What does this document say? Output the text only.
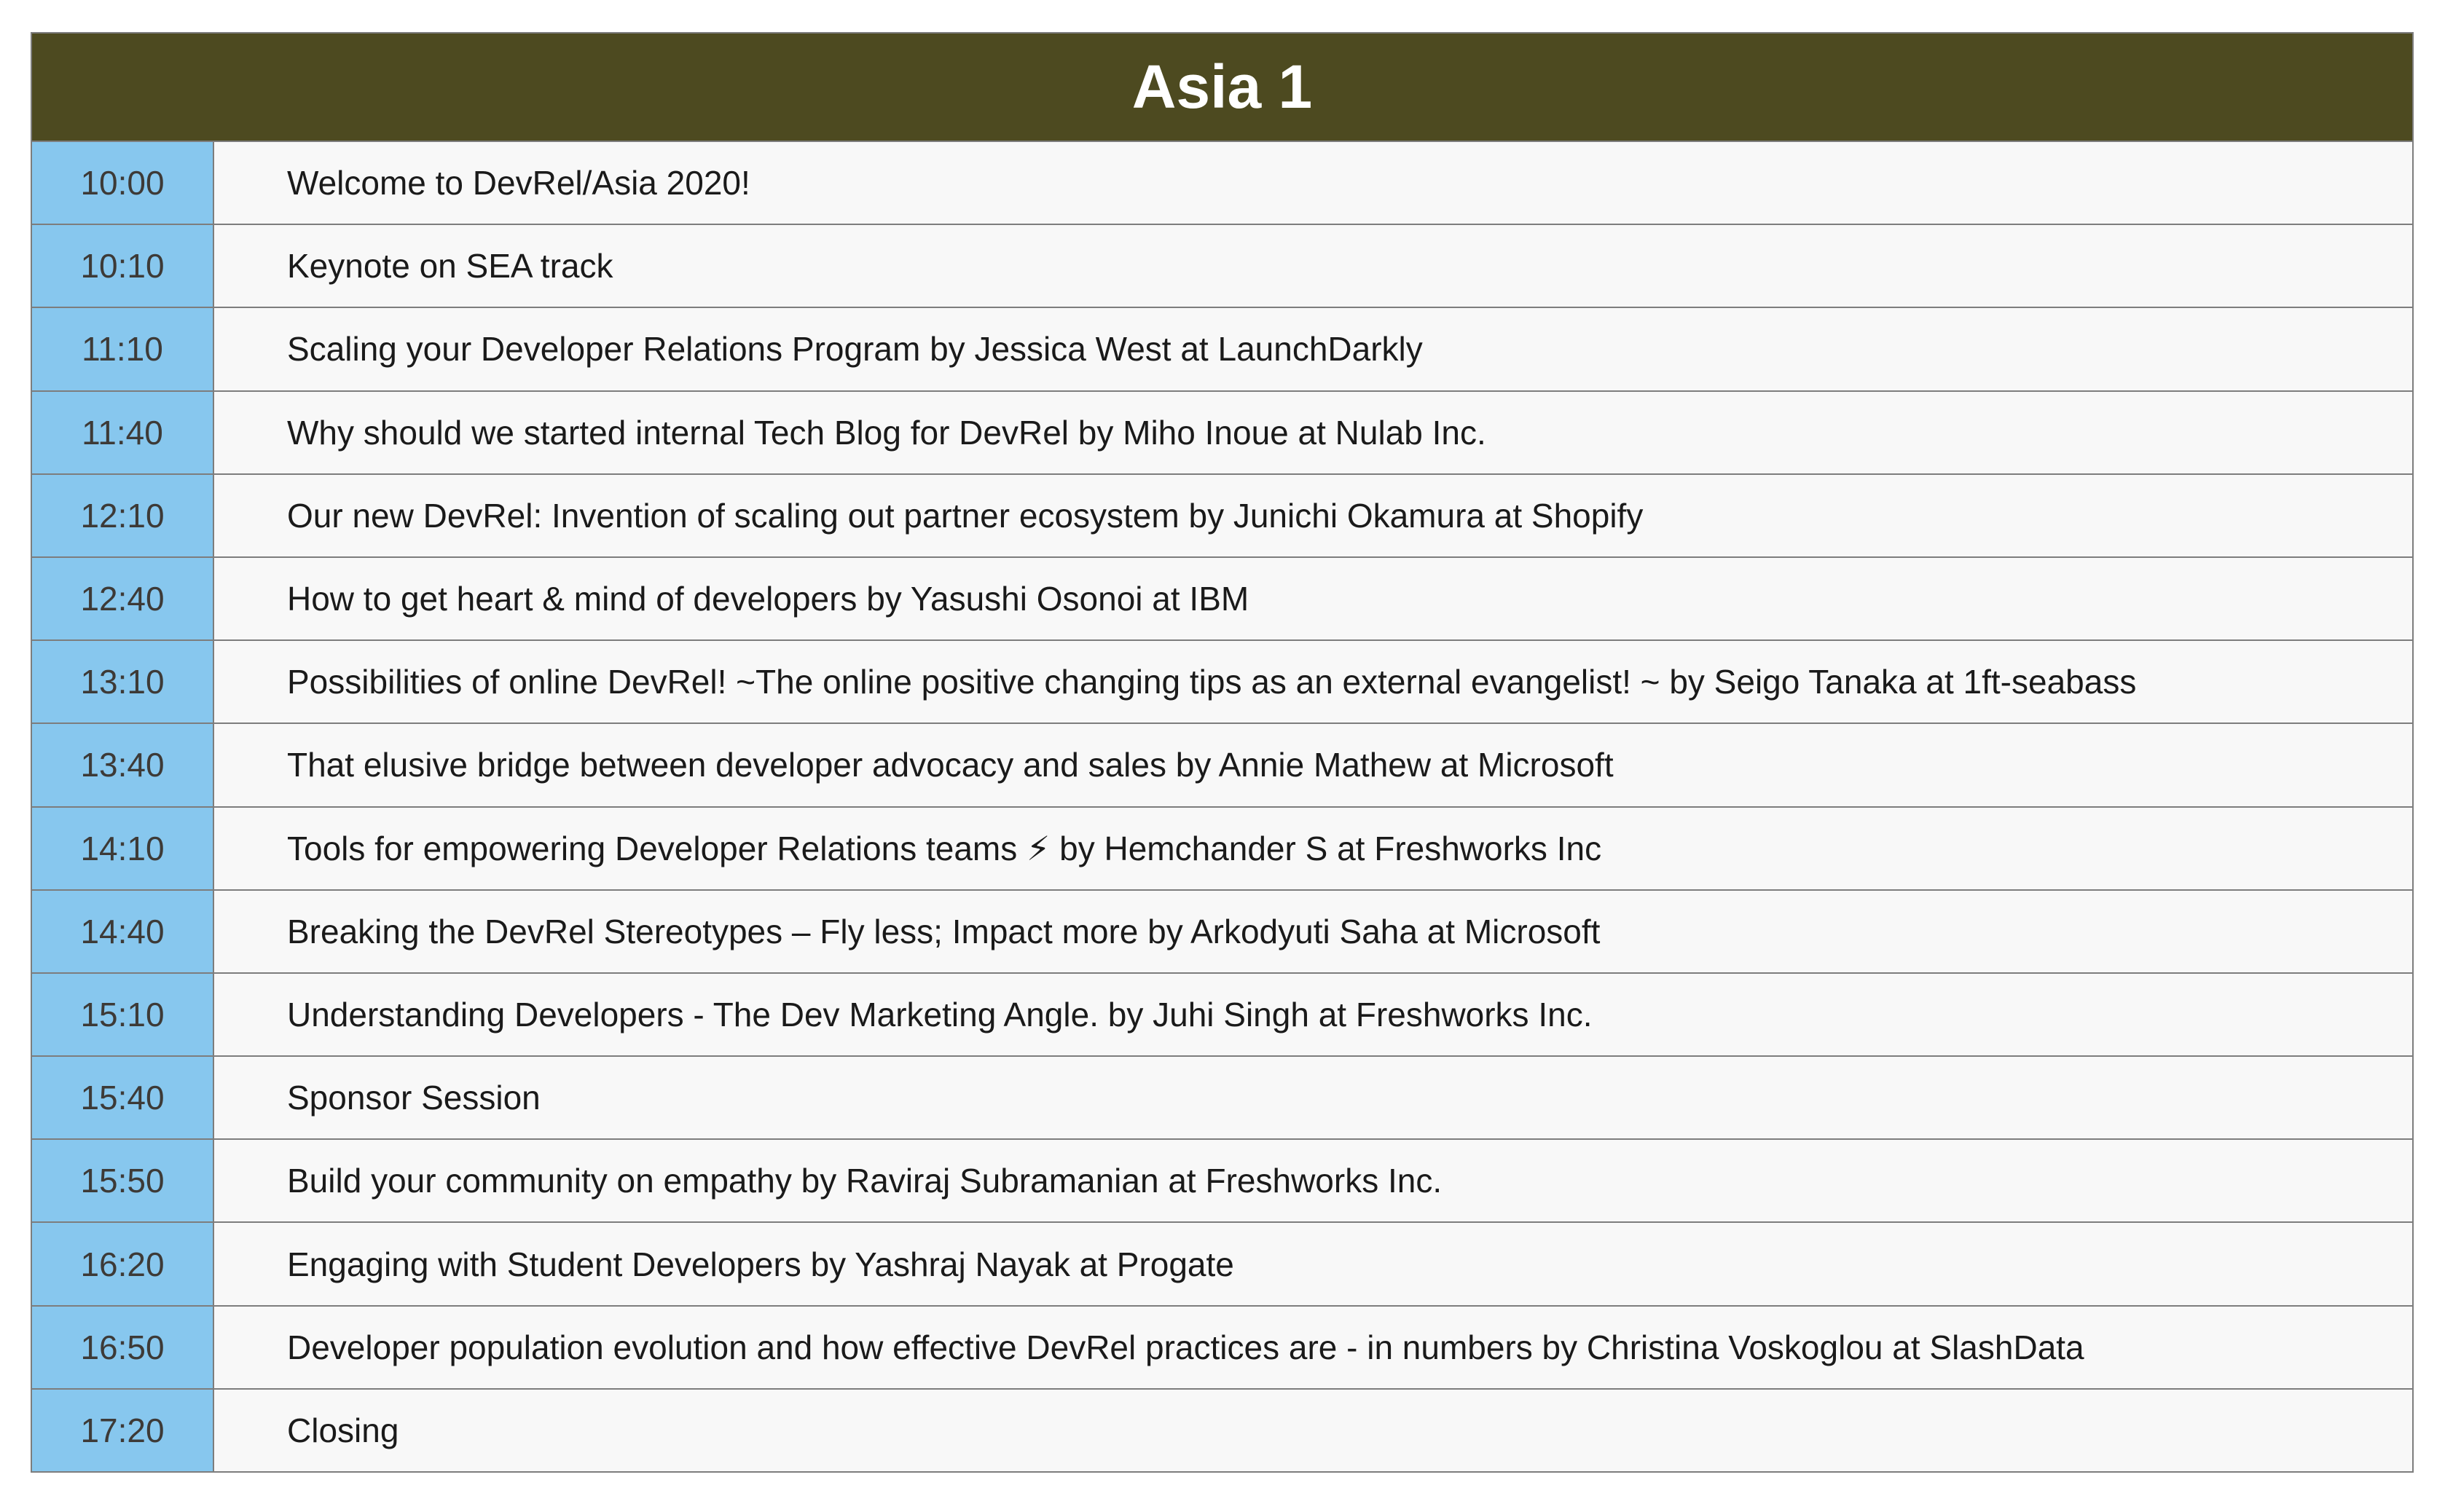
Asia 1
10:00	Welcome to DevRel/Asia 2020!
10:10	Keynote on SEA track
11:10	Scaling your Developer Relations Program by Jessica West at LaunchDarkly
11:40	Why should we started internal Tech Blog for DevRel by Miho Inoue at Nulab Inc.
12:10	Our new DevRel: Invention of scaling out partner ecosystem by Junichi Okamura at Shopify
12:40	How to get heart & mind of developers by Yasushi Osonoi at IBM
13:10	Possibilities of online DevRel! ~The online positive changing tips as an external evangelist! ~ by Seigo Tanaka at 1ft-seabass
13:40	That elusive bridge between developer advocacy and sales by Annie Mathew at Microsoft
14:10	Tools for empowering Developer Relations teams ⚡ by Hemchander S at Freshworks Inc
14:40	Breaking the DevRel Stereotypes – Fly less; Impact more by Arkodyuti Saha at Microsoft
15:10	Understanding Developers - The Dev Marketing Angle. by Juhi Singh at Freshworks Inc.
15:40	Sponsor Session
15:50	Build your community on empathy by Raviraj Subramanian at Freshworks Inc.
16:20	Engaging with Student Developers by Yashraj Nayak at Progate
16:50	Developer population evolution and how effective DevRel practices are - in numbers by Christina Voskoglou at SlashData
17:20	Closing
